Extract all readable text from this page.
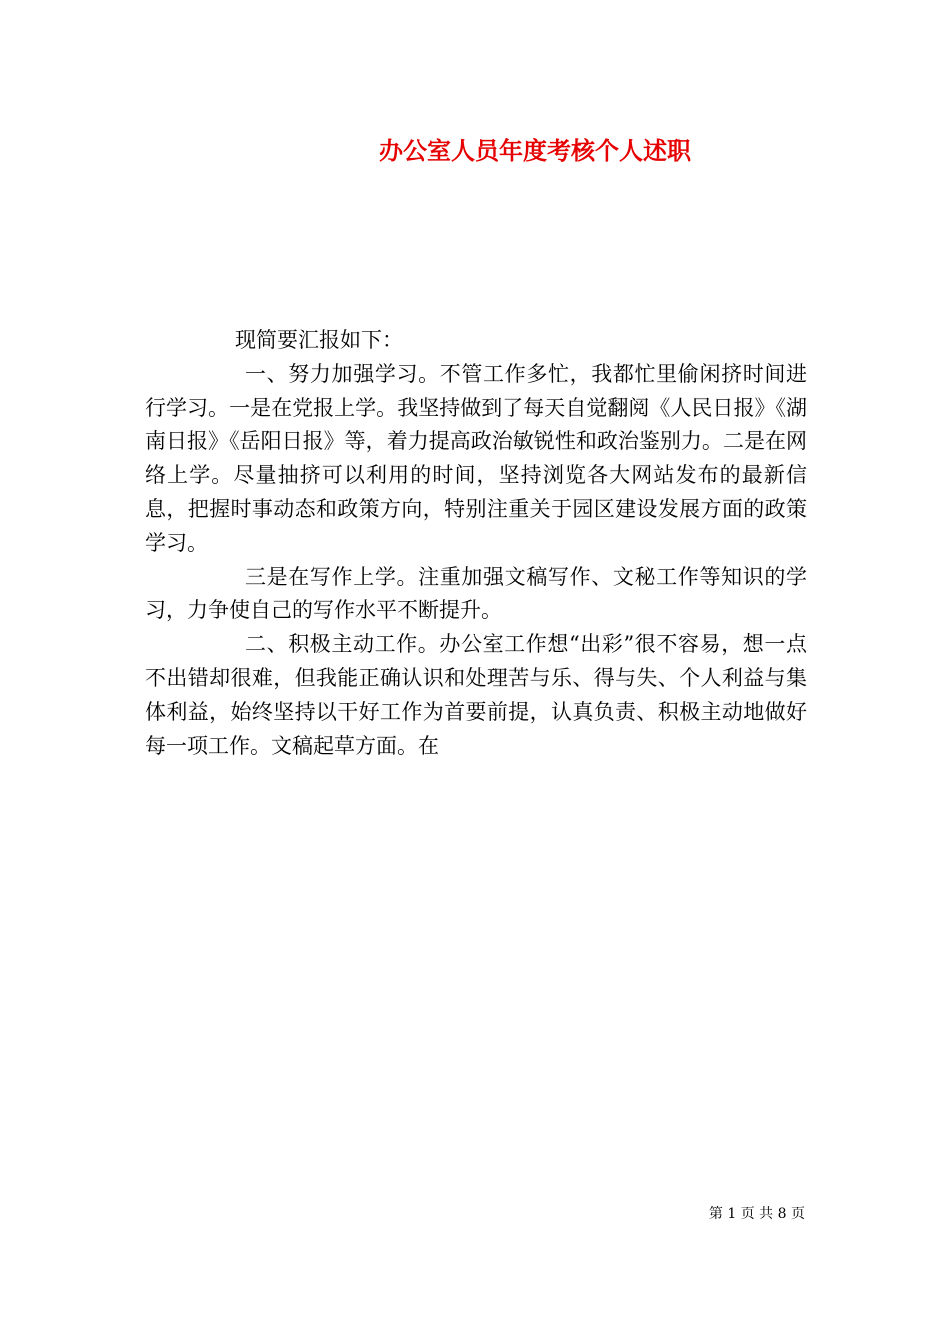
办公室人员年度考核个人述职

现简要汇报如下：

一、努力加强学习。不管工作多忙，我都忙里偷闲挤时间进行学习。一是在党报上学。我坚持做到了每天自觉翻阅《人民日报》《湖南日报》《岳阳日报》等，着力提高政治敏锐性和政治鉴别力。二是在网络上学。尽量抽挤可以利用的时间，坚持浏览各大网站发布的最新信息，把握时事动态和政策方向，特别注重关于园区建设发展方面的政策学习。

三是在写作上学。注重加强文稿写作、文秘工作等知识的学习，力争使自己的写作水平不断提升。

二、积极主动工作。办公室工作想“出彩”很不容易，想一点不出错却很难，但我能正确认识和处理苦与乐、得与失、个人利益与集体利益，始终坚持以干好工作为首要前提，认真负责、积极主动地做好每一项工作。文稿起草方面。在

第 1 页 共 8 页
